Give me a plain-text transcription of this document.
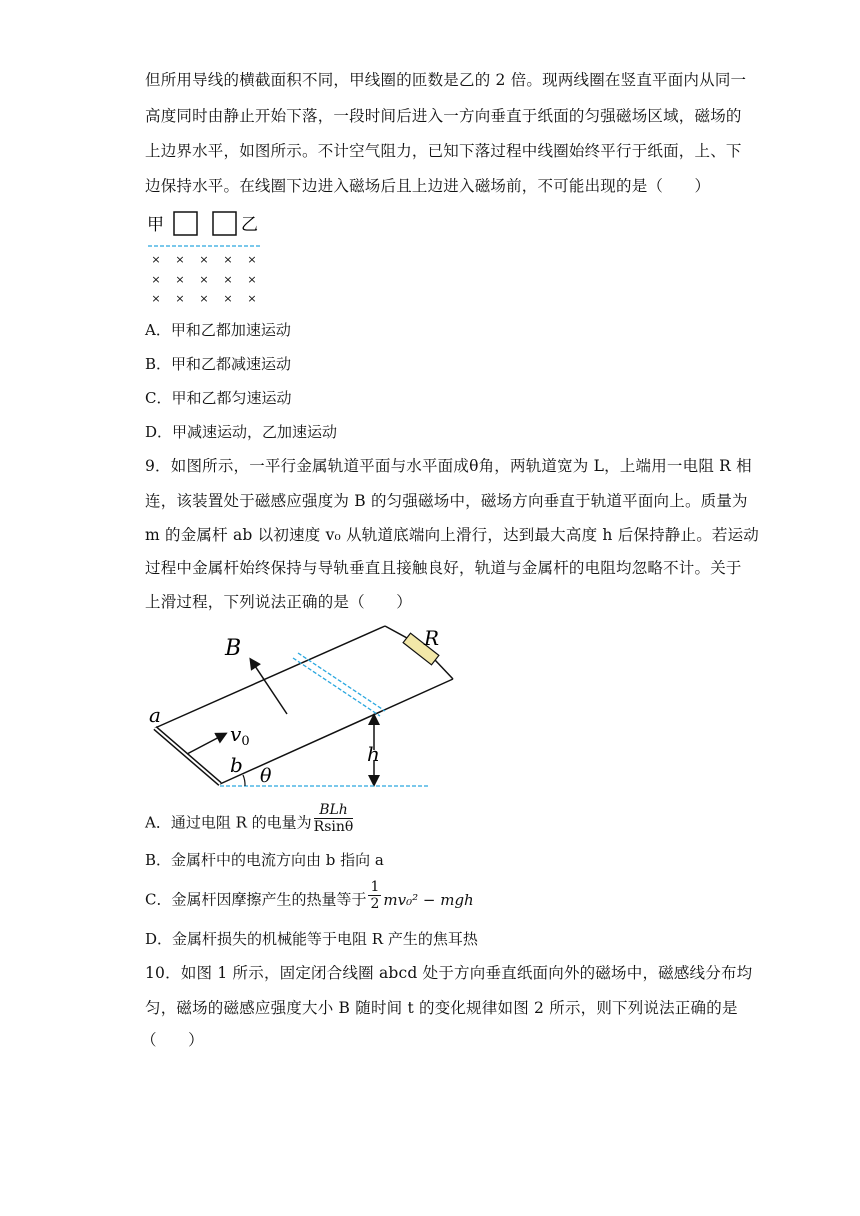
但所用导线的横截面积不同，甲线圈的匝数是乙的 2 倍。现两线圈在竖直平面内从同一
高度同时由静止开始下落，一段时间后进入一方向垂直于纸面的匀强磁场区域，磁场的
上边界水平，如图所示。不计空气阻力，已知下落过程中线圈始终平行于纸面，上、下
边保持水平。在线圈下边进入磁场后且上边进入磁场前，不可能出现的是（　　）
甲	乙
× × × × ×
× × × × ×
× × × × ×
A．甲和乙都加速运动
B．甲和乙都减速运动
C．甲和乙都匀速运动
D．甲减速运动，乙加速运动
9．如图所示，一平行金属轨道平面与水平面成θ角，两轨道宽为 L，上端用一电阻 R 相
连，该装置处于磁感应强度为 B 的匀强磁场中，磁场方向垂直于轨道平面向上。质量为
m 的金属杆 ab 以初速度 v₀ 从轨道底端向上滑行，达到最大高度 h 后保持静止。若运动
过程中金属杆始终保持与导轨垂直且接触良好，轨道与金属杆的电阻均忽略不计。关于
上滑过程，下列说法正确的是（　　）
R
a
b
B
$v_0$
h
θ
A．通过电阻 R 的电量为 $\frac{\text{BLh}}{Rsin\theta}$
B．金属杆中的电流方向由 b 指向 a
C．金属杆因摩擦产生的热量等于 $\frac{1}{2} mv_0^2$ − mgh
D．金属杆损失的机械能等于电阻 R 产生的焦耳热
10．如图 1 所示，固定闭合线圈 abcd 处于方向垂直纸面向外的磁场中，磁感线分布均
匀，磁场的磁感应强度大小 B 随时间 t 的变化规律如图 2 所示，则下列说法正确的是
（　　）
